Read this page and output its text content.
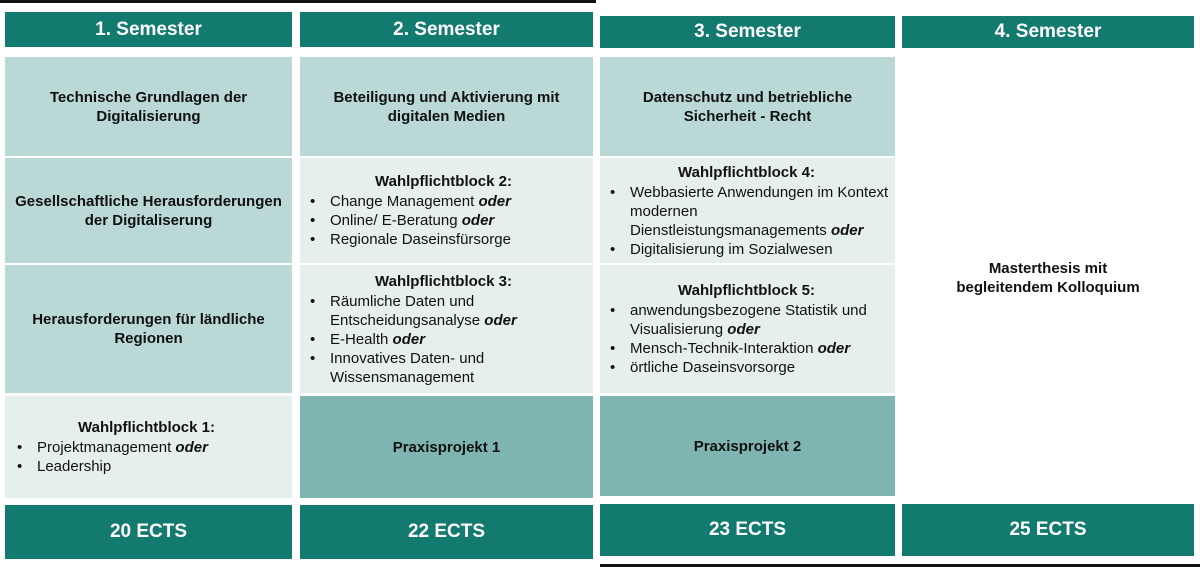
1. Semester
Technische Grundlagen der Digitalisierung
Gesellschaftliche Herausforderungen der Digitaliserung
Herausforderungen für ländliche Regionen
Wahlpflichtblock 1:
• Projektmanagement oder
• Leadership
20 ECTS
2. Semester
Beteiligung und Aktivierung mit digitalen Medien
Wahlpflichtblock 2:
• Change Management oder
• Online/ E-Beratung oder
• Regionale Daseinsfürsorge
Wahlpflichtblock 3:
• Räumliche Daten und Entscheidungsanalyse oder
• E-Health oder
• Innovatives Daten- und Wissensmanagement
Praxisprojekt 1
22 ECTS
3. Semester
Datenschutz und betriebliche Sicherheit - Recht
Wahlpflichtblock 4:
• Webbasierte Anwendungen im Kontext modernen Dienstleistungsmanagements oder
• Digitalisierung im Sozialwesen
Wahlpflichtblock 5:
• anwendungsbezogene Statistik und Visualisierung oder
• Mensch-Technik-Interaktion oder
• örtliche Daseinsvorsorge
Praxisprojekt 2
23 ECTS
4. Semester
Masterthesis mit begleitendem Kolloquium
25 ECTS
